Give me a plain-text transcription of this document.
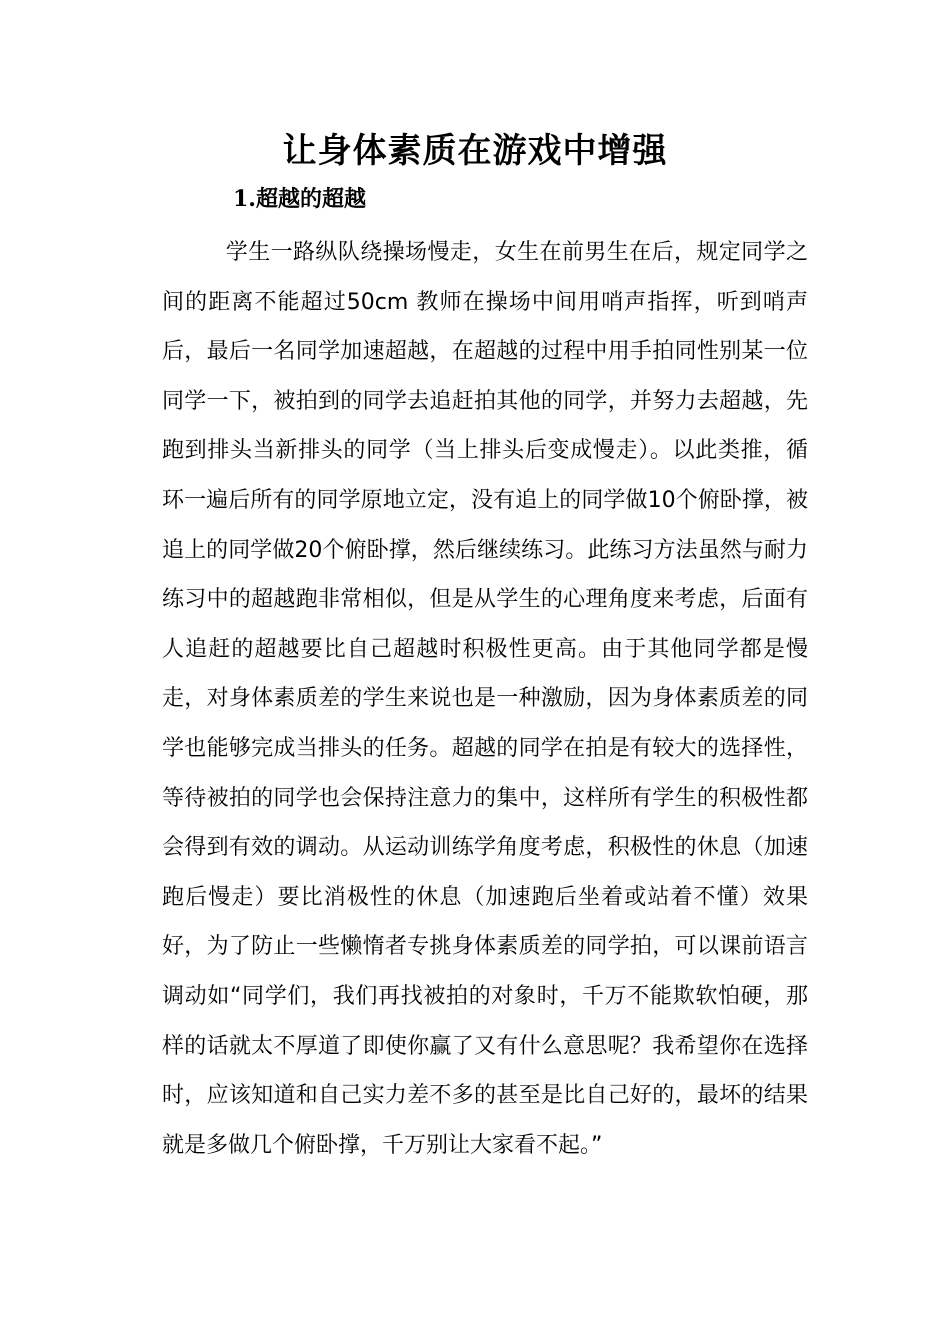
让身体素质在游戏中增强
1.超越的超越

学生一路纵队绕操场慢走，女生在前男生在后，规定同学之间的距离不能超过50cm 教师在操场中间用哨声指挥，听到哨声后，最后一名同学加速超越，在超越的过程中用手拍同性别某一位同学一下，被拍到的同学去追赶拍其他的同学，并努力去超越，先跑到排头当新排头的同学（当上排头后变成慢走）。以此类推，循环一遍后所有的同学原地立定，没有追上的同学做10个俯卧撑，被追上的同学做20个俯卧撑，然后继续练习。此练习方法虽然与耐力练习中的超越跑非常相似，但是从学生的心理角度来考虑，后面有人追赶的超越要比自己超越时积极性更高。由于其他同学都是慢走，对身体素质差的学生来说也是一种激励，因为身体素质差的同学也能够完成当排头的任务。超越的同学在拍是有较大的选择性，等待被拍的同学也会保持注意力的集中，这样所有学生的积极性都会得到有效的调动。从运动训练学角度考虑，积极性的休息（加速跑后慢走）要比消极性的休息（加速跑后坐着或站着不懂）效果好，为了防止一些懒惰者专挑身体素质差的同学拍，可以课前语言调动如“同学们，我们再找被拍的对象时，千万不能欺软怕硬，那样的话就太不厚道了即使你赢了又有什么意思呢？我希望你在选择时，应该知道和自己实力差不多的甚至是比自己好的，最坏的结果就是多做几个俯卧撑，千万别让大家看不起。”
